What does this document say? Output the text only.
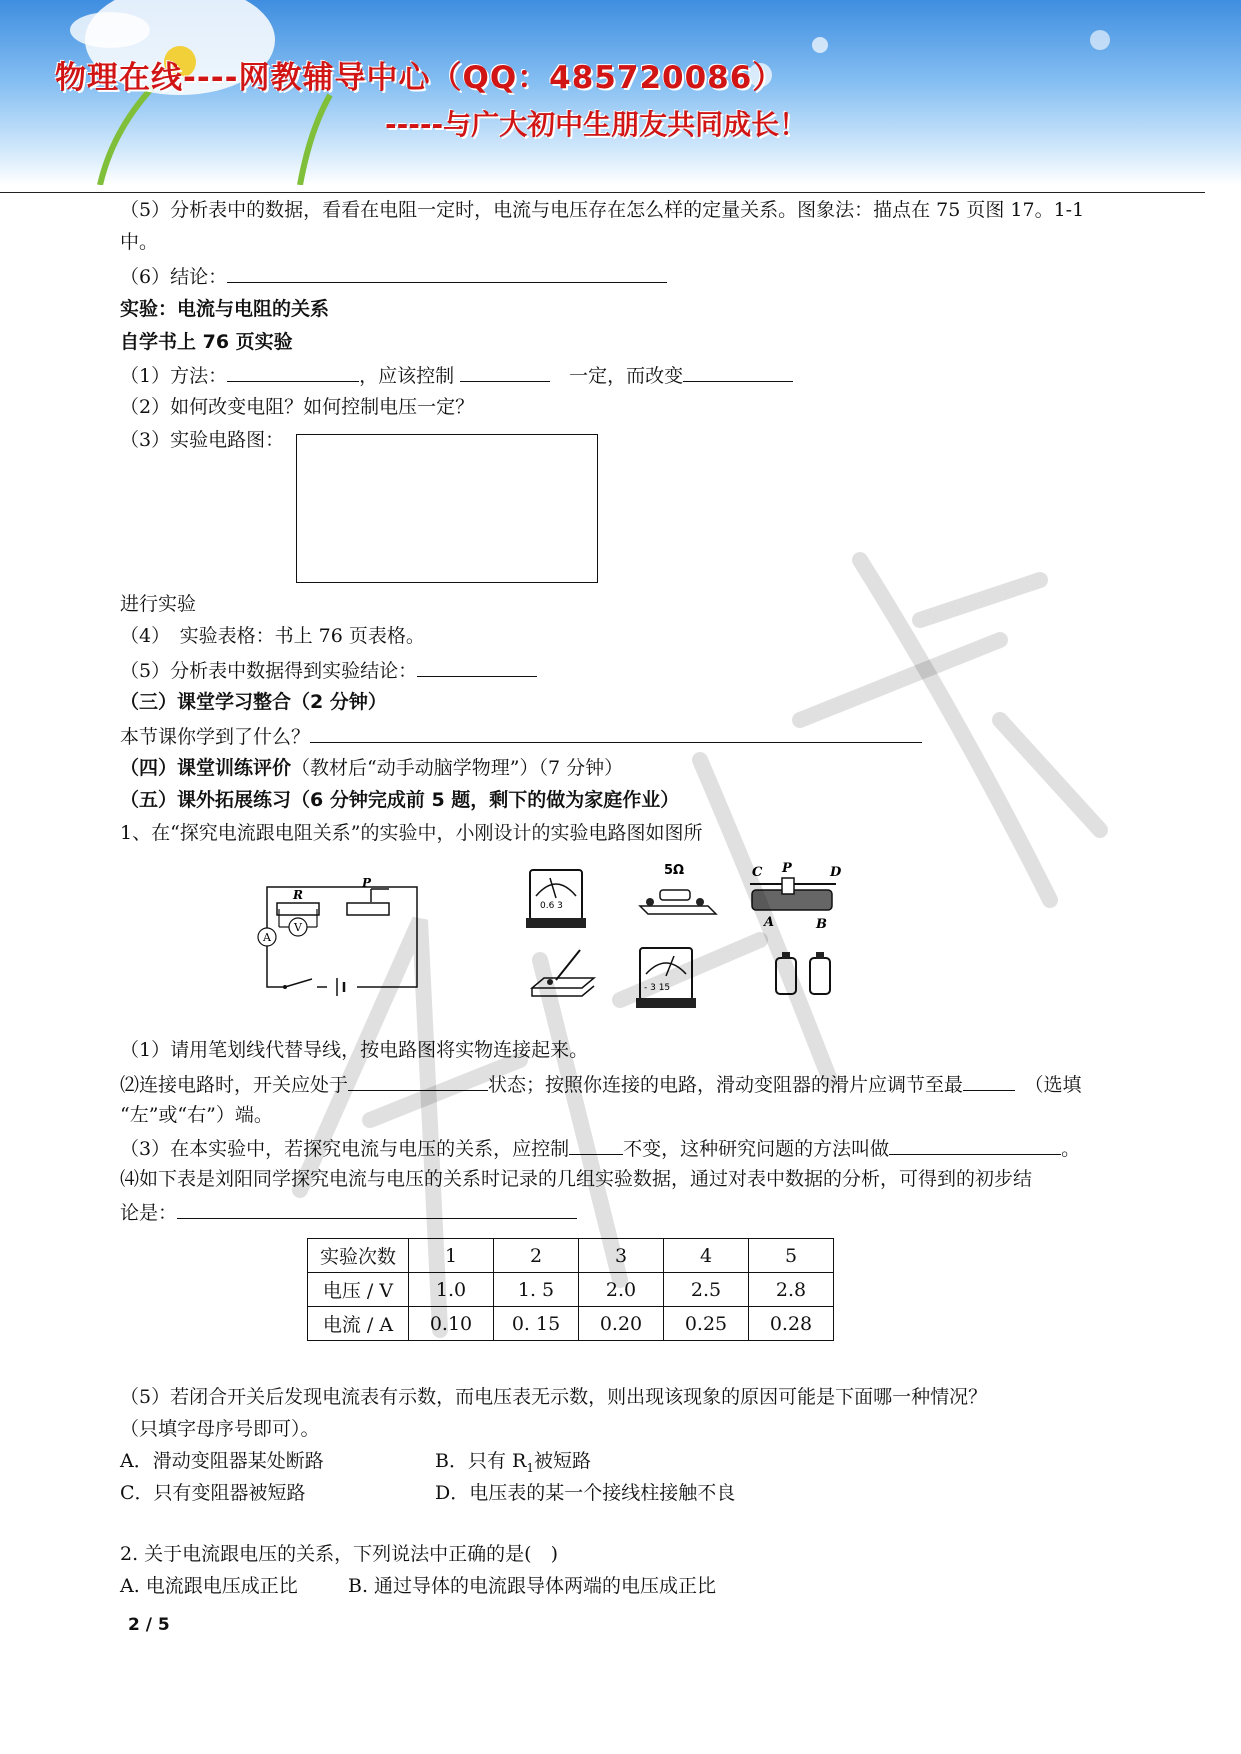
物理在线----网教辅导中心（QQ：485720086）
-----与广大初中生朋友共同成长！
（5）分析表中的数据，看看在电阻一定时，电流与电压存在怎么样的定量关系。图象法：描点在 75 页图 17。1-1
中。
（6）结论：
实验：电流与电阻的关系
自学书上 76 页实验
（1）方法：	，应该控制 　	一定，而改变
（2）如何改变电阻？如何控制电压一定？
（3）实验电路图：
进行实验
（4）　实验表格：书上 76 页表格。
（5）分析表中数据得到实验结论：
（三）课堂学习整合（2 分钟）
本节课你学到了什么？
（四）课堂训练评价（教材后“动手动脑学物理”）（7 分钟）
（五）课外拓展练习（6 分钟完成前 5 题，剩下的做为家庭作业）
1、在“探究电流跟电阻关系”的实验中，小刚设计的实验电路图如图所
R
P
V
A
0.6 3
5Ω	C P	D
A	B
- 3 15
（1）请用笔划线代替导线，按电路图将实物连接起来。
⑵连接电路时，开关应处于	状态；按照你连接的电路，滑动变阻器的滑片应调节至最　	（选填
“左”或“右”）端。
（3）在本实验中，若探究电流与电压的关系，应控制	不变，这种研究问题的方法叫做	。
⑷如下表是刘阳同学探究电流与电压的关系时记录的几组实验数据，通过对表中数据的分析，可得到的初步结
论是：
实验次数	1	2	3	4	5
电压 / V	1.0	1. 5	2.0	2.5	2.8
电流 / A	0.10	0. 15	0.20	0.25	0.28
（5）若闭合开关后发现电流表有示数，而电压表无示数，则出现该现象的原因可能是下面哪一种情况？
（只填字母序号即可）。
A．滑动变阻器某处断路	B．只有 $R_1$被短路
C．只有变阻器被短路	D．电压表的某一个接线柱接触不良
2. 关于电流跟电压的关系，下列说法中正确的是(　)
A. 电流跟电压成正比	B. 通过导体的电流跟导体两端的电压成正比
2 / 5
